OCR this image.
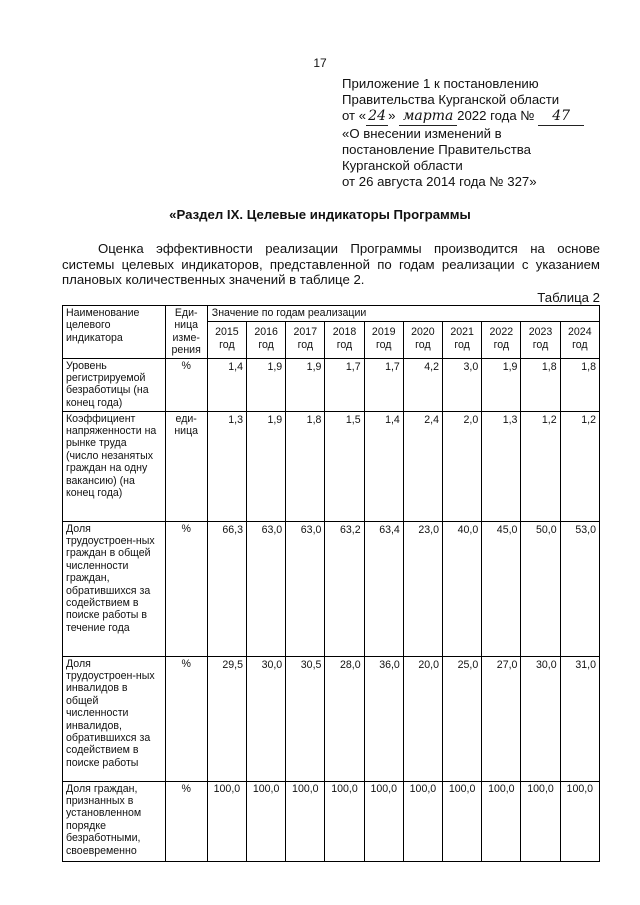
17
Приложение 1 к постановлению
Правительства Курганской области
от « 24 » марта 2022 года № 47
«О внесении изменений в
постановление Правительства
Курганской области
от 26 августа 2014 года № 327»
«Раздел IX. Целевые индикаторы Программы

Оценка эффективности реализации Программы производится на основе системы целевых индикаторов, представленной по годам реализации с указанием плановых количественных значений в таблице 2.

Таблица 2
Наименование целевого индикатора	Еди-ница изме-рения	Значение по годам реализации									
		2015 год	2016 год	2017 год	2018 год	2019 год	2020 год	2021 год	2022 год	2023 год	2024 год
Уровень регистрируемой безработицы (на конец года)	%	1,4	1,9	1,9	1,7	1,7	4,2	3,0	1,9	1,8	1,8
Коэффициент напряженности на рынке труда (число незанятых граждан на одну вакансию) (на конец года)	еди-ница	1,3	1,9	1,8	1,5	1,4	2,4	2,0	1,3	1,2	1,2
Доля трудоустроен-ных граждан в общей численности граждан, обратившихся за содействием в поиске работы в течение года	%	66,3	63,0	63,0	63,2	63,4	23,0	40,0	45,0	50,0	53,0
Доля трудоустроен-ных инвалидов в общей численности инвалидов, обратившихся за содействием в поиске работы	%	29,5	30,0	30,5	28,0	36,0	20,0	25,0	27,0	30,0	31,0
Доля граждан, признанных в установленном порядке безработными, своевременно	%	100,0	100,0	100,0	100,0	100,0	100,0	100,0	100,0	100,0	100,0
